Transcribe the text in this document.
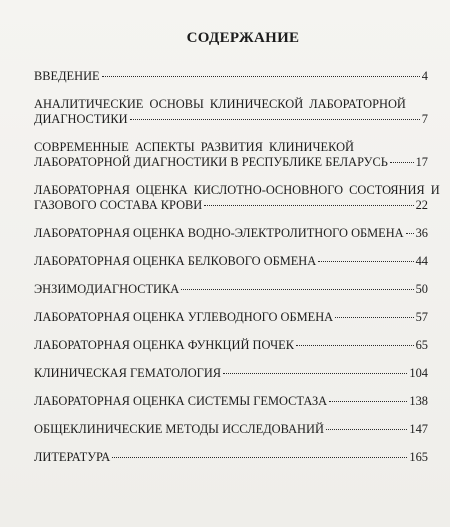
СОДЕРЖАНИЕ
ВВЕДЕНИЕ	4
АНАЛИТИЧЕСКИЕ ОСНОВЫ КЛИНИЧЕСКОЙ ЛАБОРАТОРНОЙ
ДИАГНОСТИКИ	7
СОВРЕМЕННЫЕ АСПЕКТЫ РАЗВИТИЯ КЛИНИЧЕКОЙ
ЛАБОРАТОРНОЙ ДИАГНОСТИКИ В РЕСПУБЛИКЕ БЕЛАРУСЬ 17
ЛАБОРАТОРНАЯ ОЦЕНКА КИСЛОТНО-ОСНОВНОГО СОСТОЯНИЯ И
ГАЗОВОГО СОСТАВА КРОВИ	22
ЛАБОРАТОРНАЯ ОЦЕНКА ВОДНО-ЭЛЕКТРОЛИТНОГО ОБМЕНА 36
ЛАБОРАТОРНАЯ ОЦЕНКА БЕЛКОВОГО ОБМЕНА	44
ЭНЗИМОДИАГНОСТИКА	50
ЛАБОРАТОРНАЯ ОЦЕНКА УГЛЕВОДНОГО ОБМЕНА	57
ЛАБОРАТОРНАЯ ОЦЕНКА ФУНКЦИЙ ПОЧЕК	65
КЛИНИЧЕСКАЯ ГЕМАТОЛОГИЯ	104
ЛАБОРАТОРНАЯ ОЦЕНКА СИСТЕМЫ ГЕМОСТАЗА	138
ОБЩЕКЛИНИЧЕСКИЕ МЕТОДЫ ИССЛЕДОВАНИЙ	147
ЛИТЕРАТУРА	165
